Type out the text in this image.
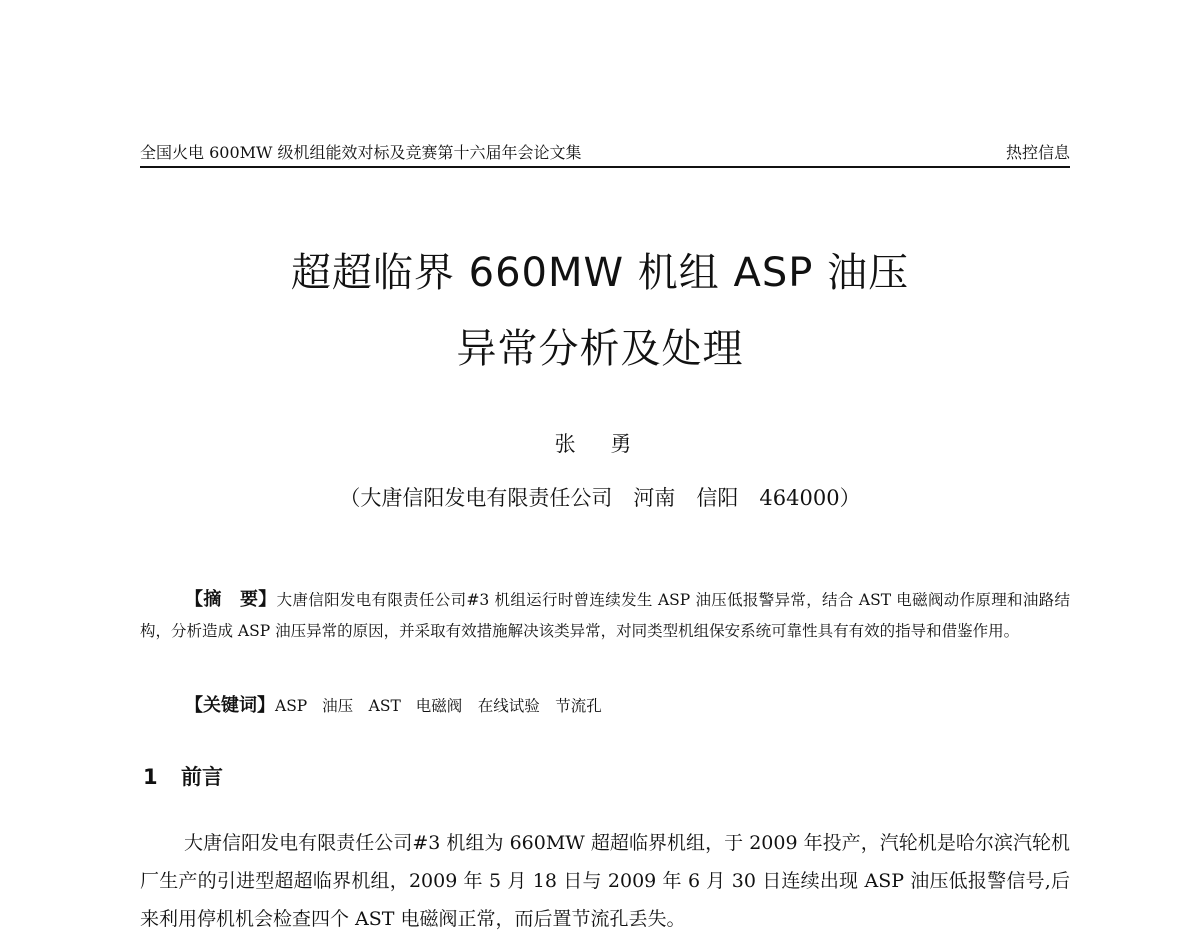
全国火电 600MW 级机组能效对标及竞赛第十六届年会论文集	热控信息
超超临界 660MW 机组 ASP 油压
异常分析及处理
张 勇
（大唐信阳发电有限责任公司　河南　信阳　464000）

【摘　要】大唐信阳发电有限责任公司#3 机组运行时曾连续发生 ASP 油压低报警异常，结合 AST 电磁阀动作原理和油路结构，分析造成 ASP 油压异常的原因，并采取有效措施解决该类异常，对同类型机组保安系统可靠性具有有效的指导和借鉴作用。

【关键词】ASP 油压　AST 电磁阀　在线试验　节流孔
1 前言

大唐信阳发电有限责任公司#3 机组为 660MW 超超临界机组，于 2009 年投产，汽轮机是哈尔滨汽轮机厂生产的引进型超超临界机组，2009 年 5 月 18 日与 2009 年 6 月 30 日连续出现 ASP 油压低报警信号,后来利用停机机会检查四个 AST 电磁阀正常，而后置节流孔丢失。
